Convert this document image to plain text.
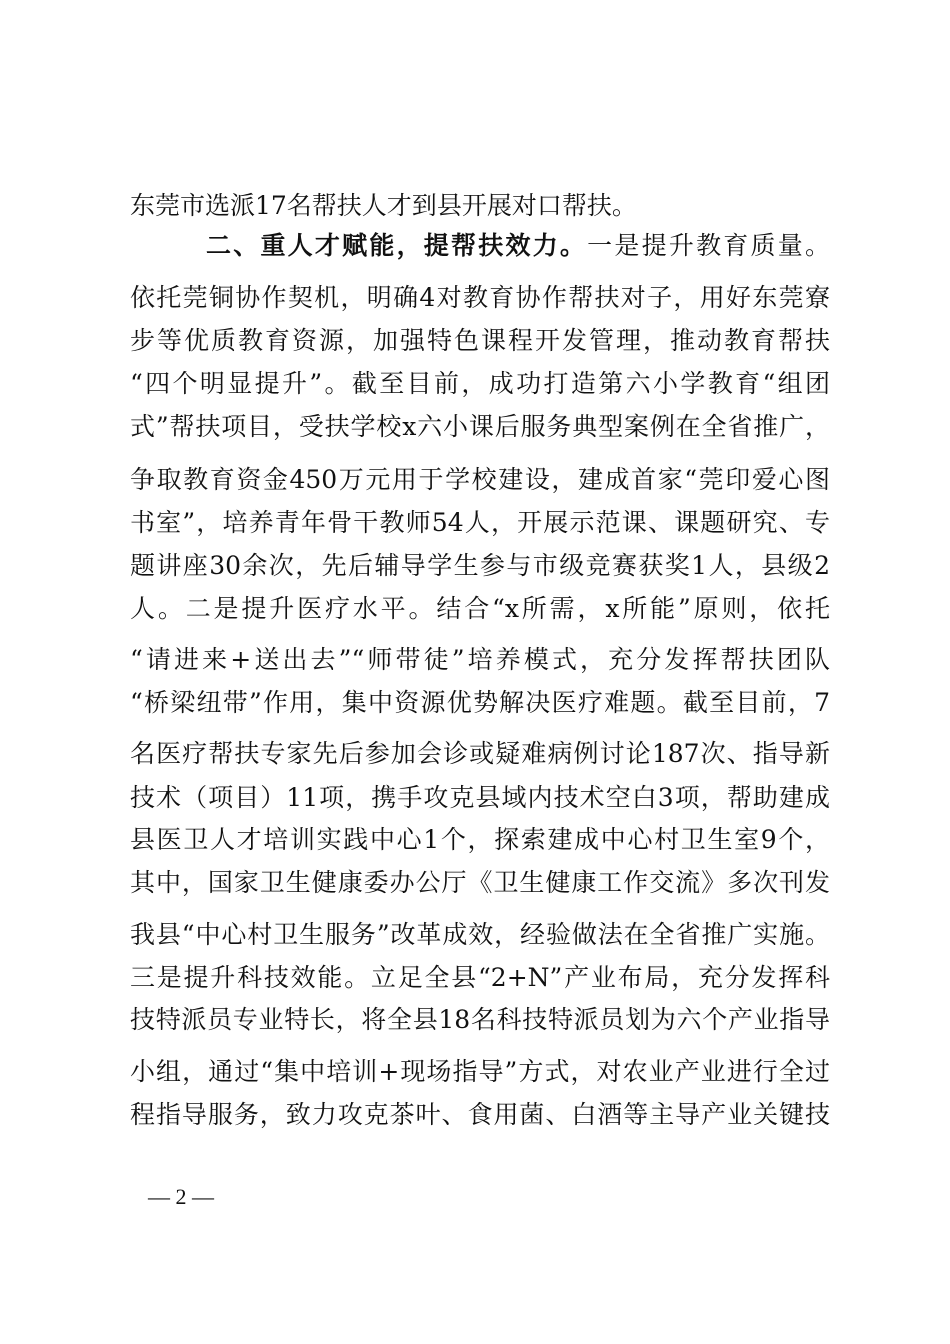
东莞市选派17名帮扶人才到县开展对口帮扶。
二、重人才赋能，提帮扶效力。一是提升教育质量。
依托莞铜协作契机，明确4对教育协作帮扶对子，用好东莞寮
步等优质教育资源，加强特色课程开发管理，推动教育帮扶
“四个明显提升”。截至目前，成功打造第六小学教育“组团
式”帮扶项目，受扶学校x六小课后服务典型案例在全省推广，
争取教育资金450万元用于学校建设，建成首家“莞印爱心图
书室”，培养青年骨干教师54人，开展示范课、课题研究、专
题讲座30余次，先后辅导学生参与市级竞赛获奖1人，县级2
人。二是提升医疗水平。结合“x所需，x所能”原则，依托
“请进来+送出去”“师带徒”培养模式，充分发挥帮扶团队
“桥梁纽带”作用，集中资源优势解决医疗难题。截至目前，7
名医疗帮扶专家先后参加会诊或疑难病例讨论187次、指导新
技术（项目）11项，携手攻克县域内技术空白3项，帮助建成
县医卫人才培训实践中心1个，探索建成中心村卫生室9个，
其中，国家卫生健康委办公厅《卫生健康工作交流》多次刊发
我县“中心村卫生服务”改革成效，经验做法在全省推广实施。
三是提升科技效能。立足全县“2+N”产业布局，充分发挥科
技特派员专业特长，将全县18名科技特派员划为六个产业指导
小组，通过“集中培训+现场指导”方式，对农业产业进行全过
程指导服务，致力攻克茶叶、食用菌、白酒等主导产业关键技
— 2 —
